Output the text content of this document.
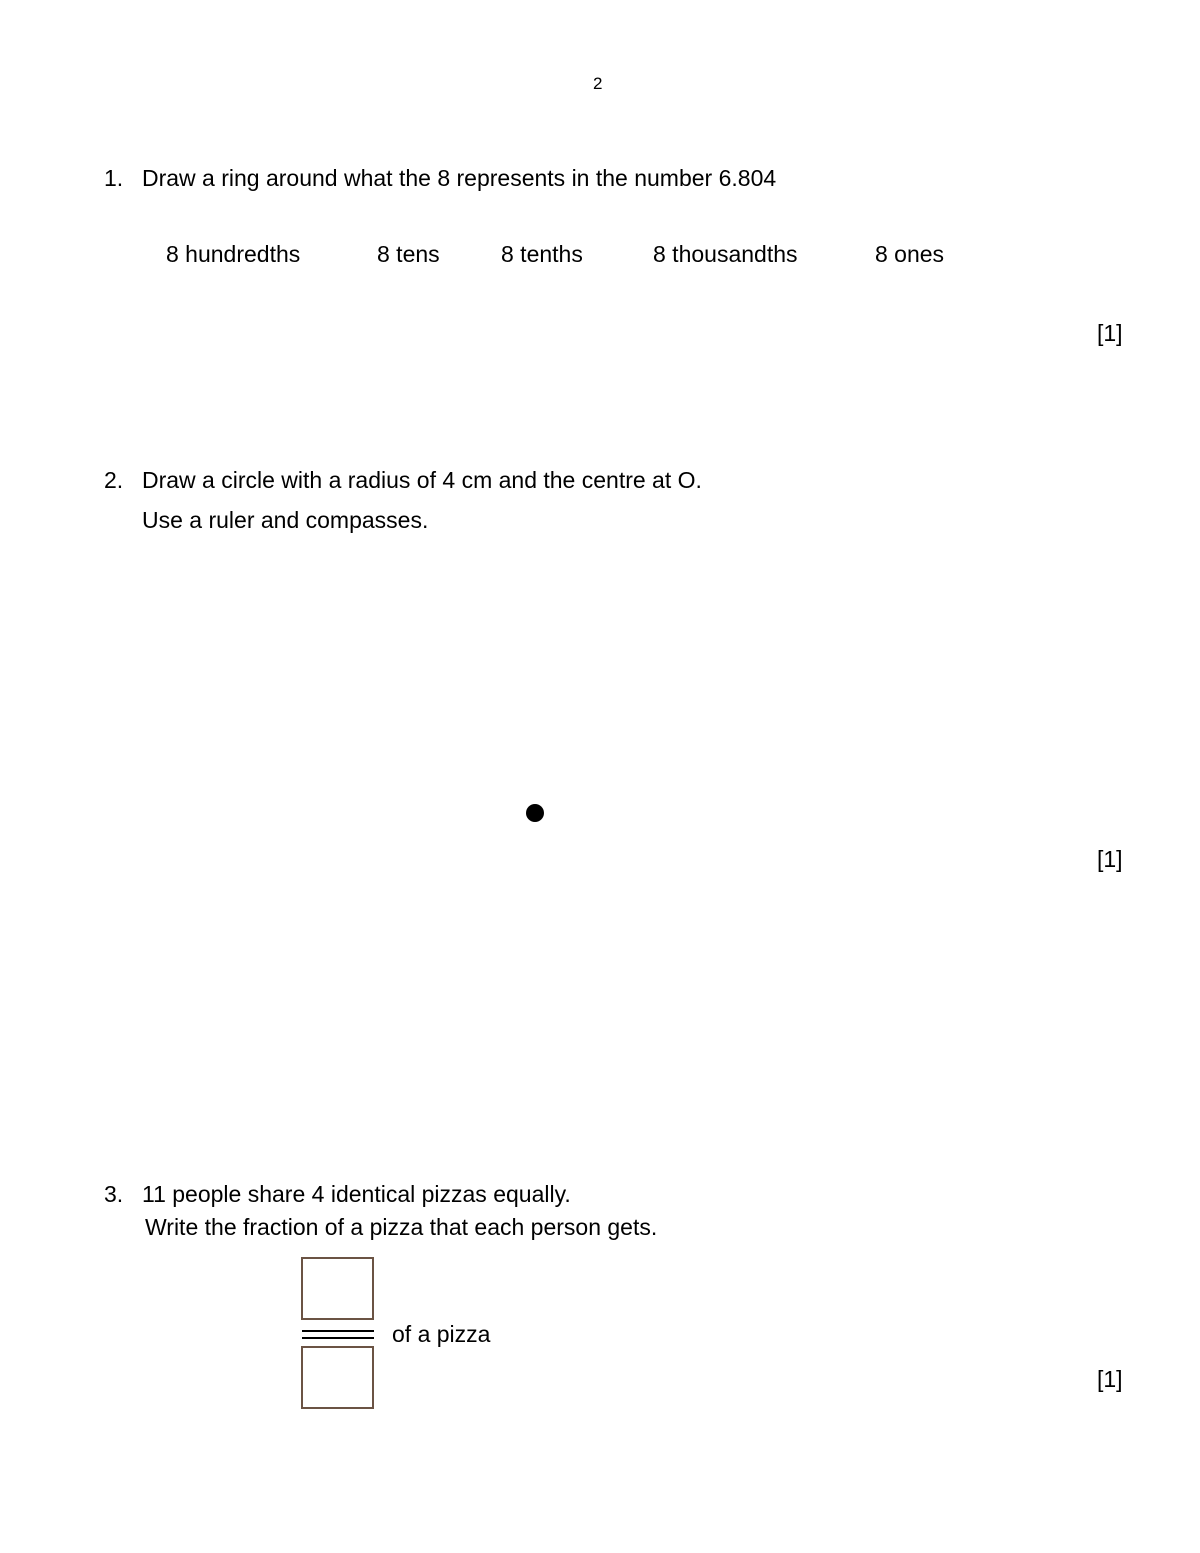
2
1. Draw a ring around what the 8 represents in the number 6.804
8 hundredths	8 tens	8 tenths	8 thousandths	8 ones
[1]
2. Draw a circle with a radius of 4 cm and the centre at O.
Use a ruler and compasses.
[1]
3. 11 people share 4 identical pizzas equally.
Write the fraction of a pizza that each person gets.
of a pizza
[1]
